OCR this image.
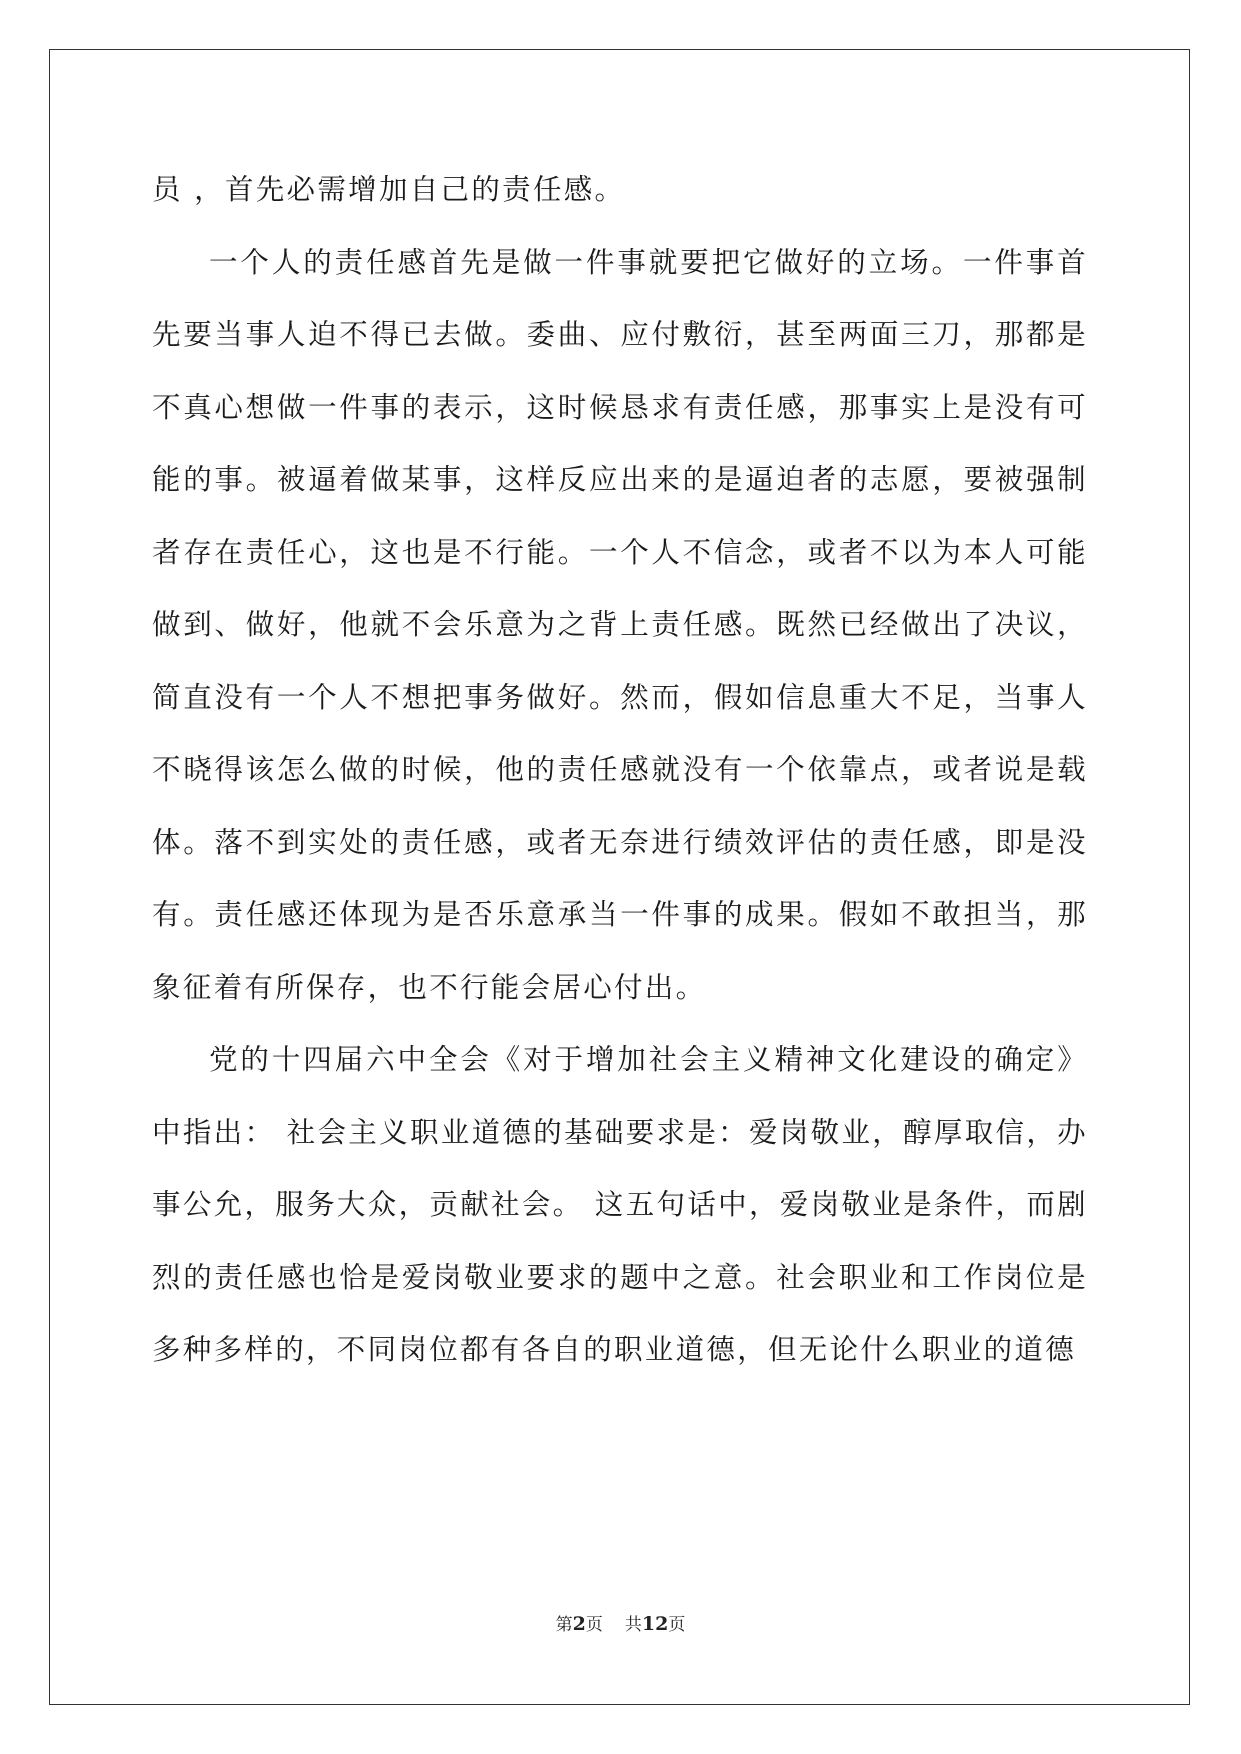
员 ，首先必需增加自己的责任感。

一个人的责任感首先是做一件事就要把它做好的立场。一件事首先要当事人迫不得已去做。委曲、应付敷衍，甚至两面三刀，那都是不真心想做一件事的表示，这时候恳求有责任感，那事实上是没有可能的事。被逼着做某事，这样反应出来的是逼迫者的志愿，要被强制者存在责任心，这也是不行能。一个人不信念，或者不以为本人可能做到、做好，他就不会乐意为之背上责任感。既然已经做出了决议，简直没有一个人不想把事务做好。然而，假如信息重大不足，当事人不晓得该怎么做的时候，他的责任感就没有一个依靠点，或者说是载体。落不到实处的责任感，或者无奈进行绩效评估的责任感，即是没有。责任感还体现为是否乐意承当一件事的成果。假如不敢担当，那象征着有所保存，也不行能会居心付出。

党的十四届六中全会《对于增加社会主义精神文化建设的确定》中指出： 社会主义职业道德的基础要求是：爱岗敬业，醇厚取信，办事公允，服务大众，贡献社会。 这五句话中，爱岗敬业是条件，而剧烈的责任感也恰是爱岗敬业要求的题中之意。社会职业和工作岗位是多种多样的，不同岗位都有各自的职业道德，但无论什么职业的道德

第2页 共12页
